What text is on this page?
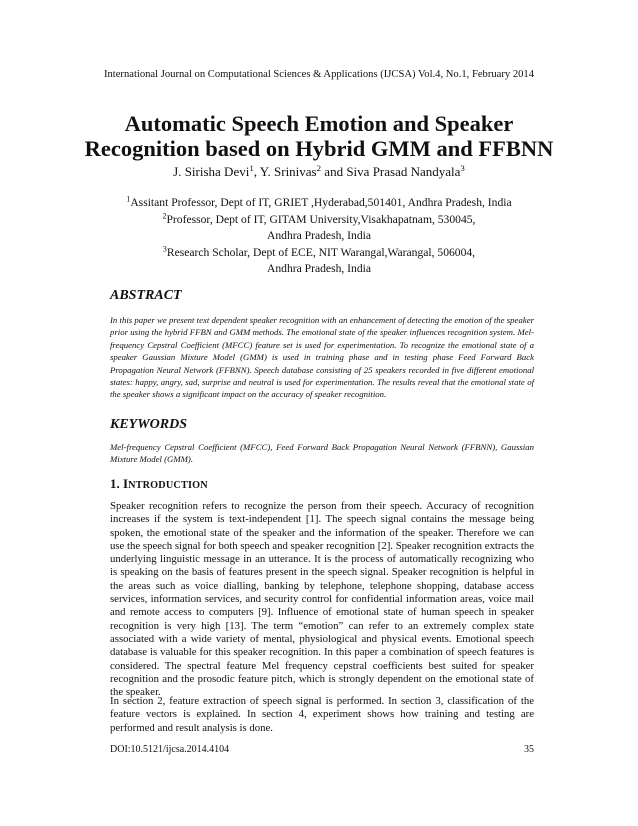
International Journal on Computational Sciences & Applications (IJCSA) Vol.4, No.1, February 2014
Automatic Speech Emotion and Speaker
Recognition based on Hybrid GMM and FFBNN
J. Sirisha Devi$^1$, Y. Srinivas$^2$ and Siva Prasad Nandyala$^3$
$^1$Assitant Professor, Dept of IT, GRIET ,Hyderabad,501401, Andhra Pradesh, India
$^2$Professor, Dept of IT, GITAM University,Visakhapatnam, 530045,
Andhra Pradesh, India
$^3$Research Scholar, Dept of ECE, NIT Warangal,Warangal, 506004,
Andhra Pradesh, India
ABSTRACT

In this paper we present text dependent speaker recognition with an enhancement of detecting the emotion of the speaker prior using the hybrid FFBN and GMM methods. The emotional state of the speaker influences recognition system. Mel-frequency Cepstral Coefficient (MFCC) feature set is used for experimentation. To recognize the emotional state of a speaker Gaussian Mixture Model (GMM) is used in training phase and in testing phase Feed Forward Back Propagation Neural Network (FFBNN). Speech database consisting of 25 speakers recorded in five different emotional states: happy, angry, sad, surprise and neutral is used for experimentation. The results reveal that the emotional state of the speaker shows a significant impact on the accuracy of speaker recognition.

KEYWORDS

Mel-frequency Cepstral Coefficient (MFCC), Feed Forward Back Propagation Neural Network (FFBNN), Gaussian Mixture Model (GMM).

1. INTRODUCTION

Speaker recognition refers to recognize the person from their speech. Accuracy of recognition increases if the system is text-independent [1]. The speech signal contains the message being spoken, the emotional state of the speaker and the information of the speaker. Therefore we can use the speech signal for both speech and speaker recognition [2]. Speaker recognition extracts the underlying linguistic message in an utterance. It is the process of automatically recognizing who is speaking on the basis of features present in the speech signal. Speaker recognition is helpful in the areas such as voice dialling, banking by telephone, telephone shopping, database access services, information services, and security control for confidential information areas, voice mail and remote access to computers [9]. Influence of emotional state of human speech in speaker recognition is very high [13]. The term “emotion” can refer to an extremely complex state associated with a wide variety of mental, physiological and physical events. Emotional speech database is valuable for this speaker recognition. In this paper a combination of speech features is considered. The spectral feature Mel frequency cepstral coefficients best suited for speaker recognition and the prosodic feature pitch, which is strongly dependent on the emotional state of the speaker.

In section 2, feature extraction of speech signal is performed. In section 3, classification of the feature vectors is explained. In section 4, experiment shows how training and testing are performed and result analysis is done.

DOI:10.5121/ijcsa.2014.4104	35
